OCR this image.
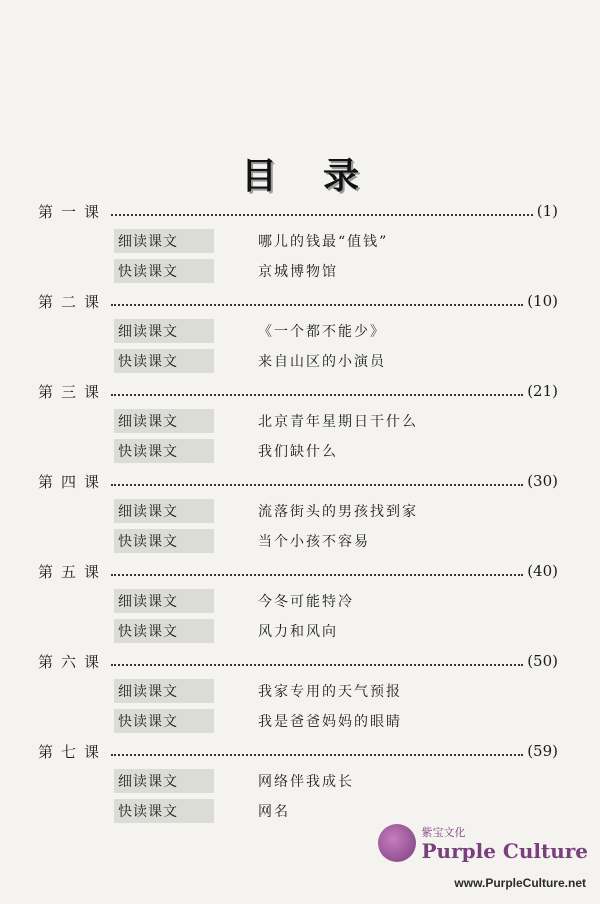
目 录
第一课	(1)
细读课文	哪儿的钱最“值钱”
快读课文	京城博物馆
第二课	(10)
细读课文	《一个都不能少》
快读课文	来自山区的小演员
第三课	(21)
细读课文	北京青年星期日干什么
快读课文	我们缺什么
第四课	(30)
细读课文	流落街头的男孩找到家
快读课文	当个小孩不容易
第五课	(40)
细读课文	今冬可能特冷
快读课文	风力和风向
第六课	(50)
细读课文	我家专用的天气预报
快读课文	我是爸爸妈妈的眼睛
第七课	(59)
细读课文	网络伴我成长
快读课文	网名
紫宝文化
Purple Culture
www.PurpleCulture.net
